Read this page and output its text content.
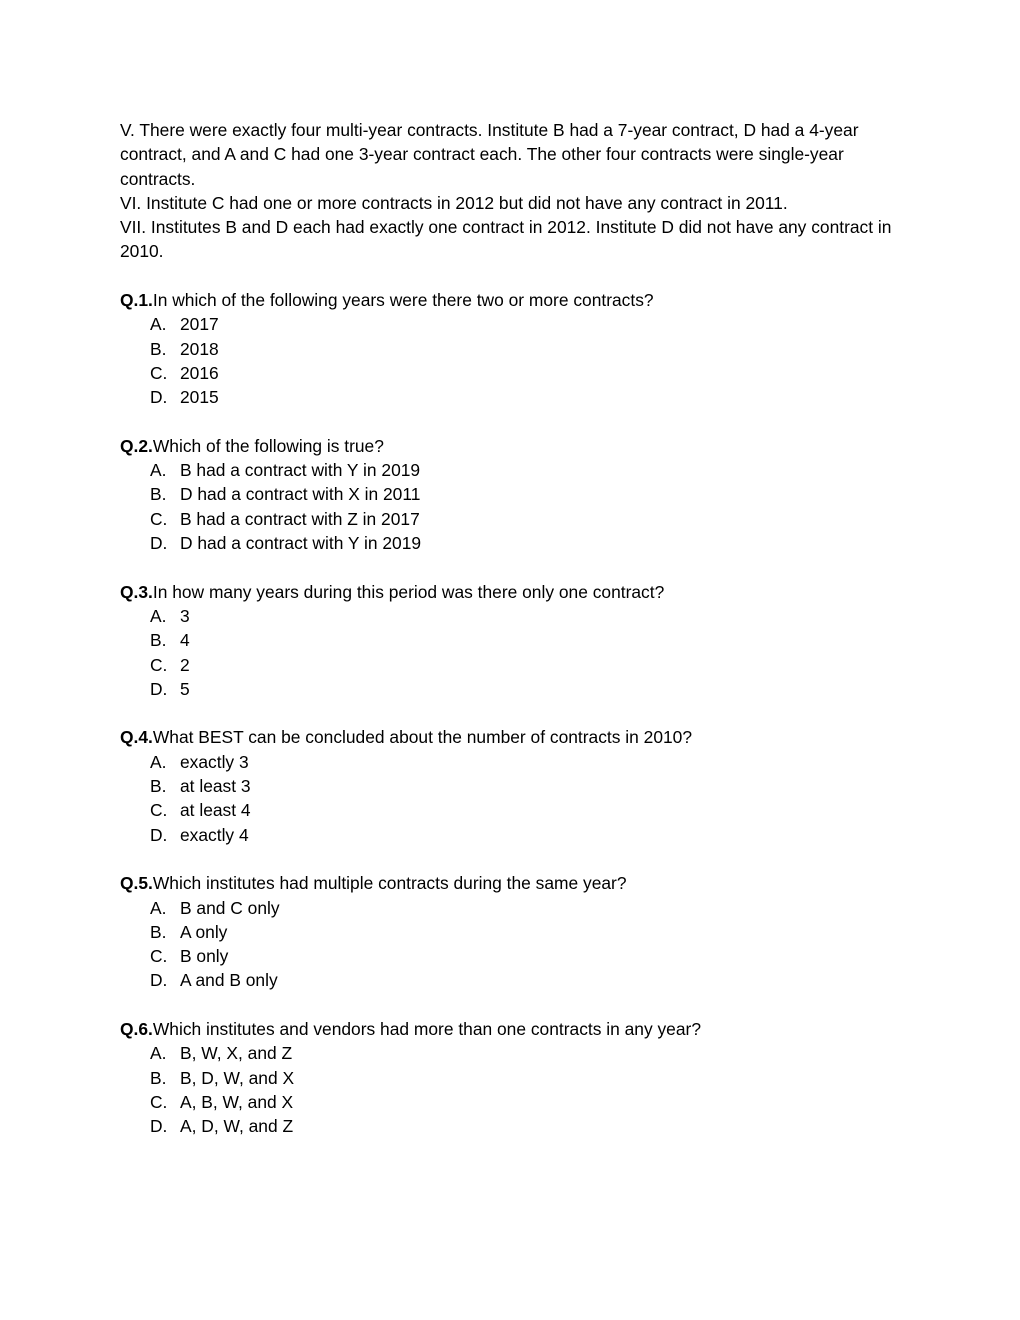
V. There were exactly four multi-year contracts. Institute B had a 7-year contract, D had a 4-year contract, and A and C had one 3-year contract each. The other four contracts were single-year contracts.

VI. Institute C had one or more contracts in 2012 but did not have any contract in 2011.

VII. Institutes B and D each had exactly one contract in 2012. Institute D did not have any contract in 2010.

Q.1.In which of the following years were there two or more contracts?
A. 2017
B. 2018
C. 2016
D. 2015
Q.2.Which of the following is true?
A. B had a contract with Y in 2019
B. D had a contract with X in 2011
C. B had a contract with Z in 2017
D. D had a contract with Y in 2019
Q.3.In how many years during this period was there only one contract?
A. 3
B. 4
C. 2
D. 5
Q.4.What BEST can be concluded about the number of contracts in 2010?
A. exactly 3
B. at least 3
C. at least 4
D. exactly 4
Q.5.Which institutes had multiple contracts during the same year?
A. B and C only
B. A only
C. B only
D. A and B only
Q.6.Which institutes and vendors had more than one contracts in any year?
A. B, W, X, and Z
B. B, D, W, and X
C. A, B, W, and X
D. A, D, W, and Z
